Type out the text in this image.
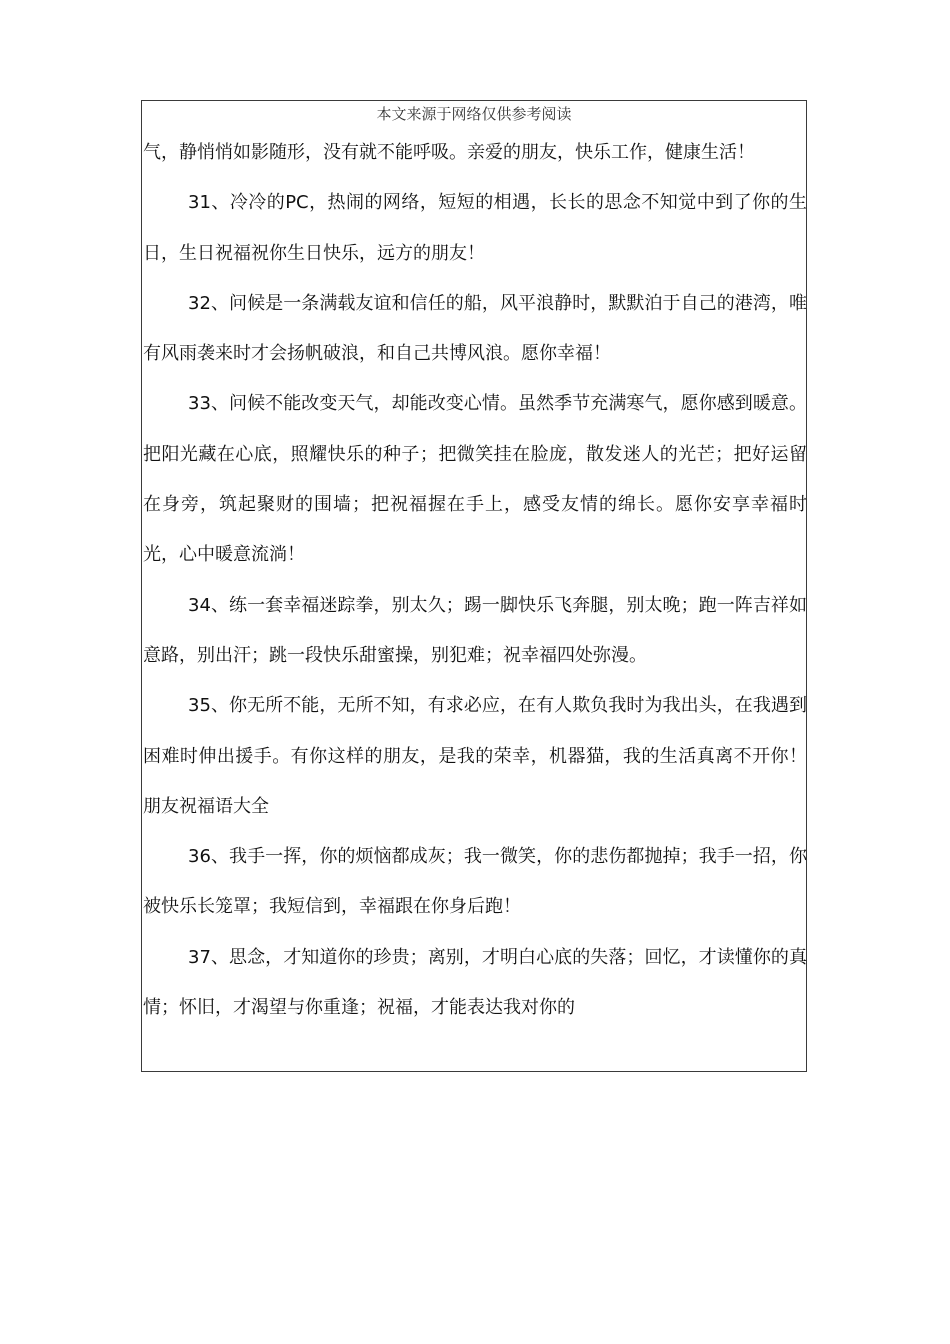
本文来源于网络仅供参考阅读

气，静悄悄如影随形，没有就不能呼吸。亲爱的朋友，快乐工作，健康生活！

31、冷冷的PC，热闹的网络，短短的相遇，长长的思念不知觉中到了你的生日，生日祝福祝你生日快乐，远方的朋友！

32、问候是一条满载友谊和信任的船，风平浪静时，默默泊于自己的港湾，唯有风雨袭来时才会扬帆破浪，和自己共博风浪。愿你幸福！

33、问候不能改变天气，却能改变心情。虽然季节充满寒气，愿你感到暖意。把阳光藏在心底，照耀快乐的种子；把微笑挂在脸庞，散发迷人的光芒；把好运留在身旁，筑起聚财的围墙；把祝福握在手上，感受友情的绵长。愿你安享幸福时光，心中暖意流淌！

34、练一套幸福迷踪拳，别太久；踢一脚快乐飞奔腿，别太晚；跑一阵吉祥如意路，别出汗；跳一段快乐甜蜜操，别犯难；祝幸福四处弥漫。

35、你无所不能，无所不知，有求必应，在有人欺负我时为我出头，在我遇到困难时伸出援手。有你这样的朋友，是我的荣幸，机器猫，我的生活真离不开你！朋友祝福语大全

36、我手一挥，你的烦恼都成灰；我一微笑，你的悲伤都抛掉；我手一招，你被快乐长笼罩；我短信到，幸福跟在你身后跑！

37、思念，才知道你的珍贵；离别，才明白心底的失落；回忆，才读懂你的真情；怀旧，才渴望与你重逢；祝福，才能表达我对你的
